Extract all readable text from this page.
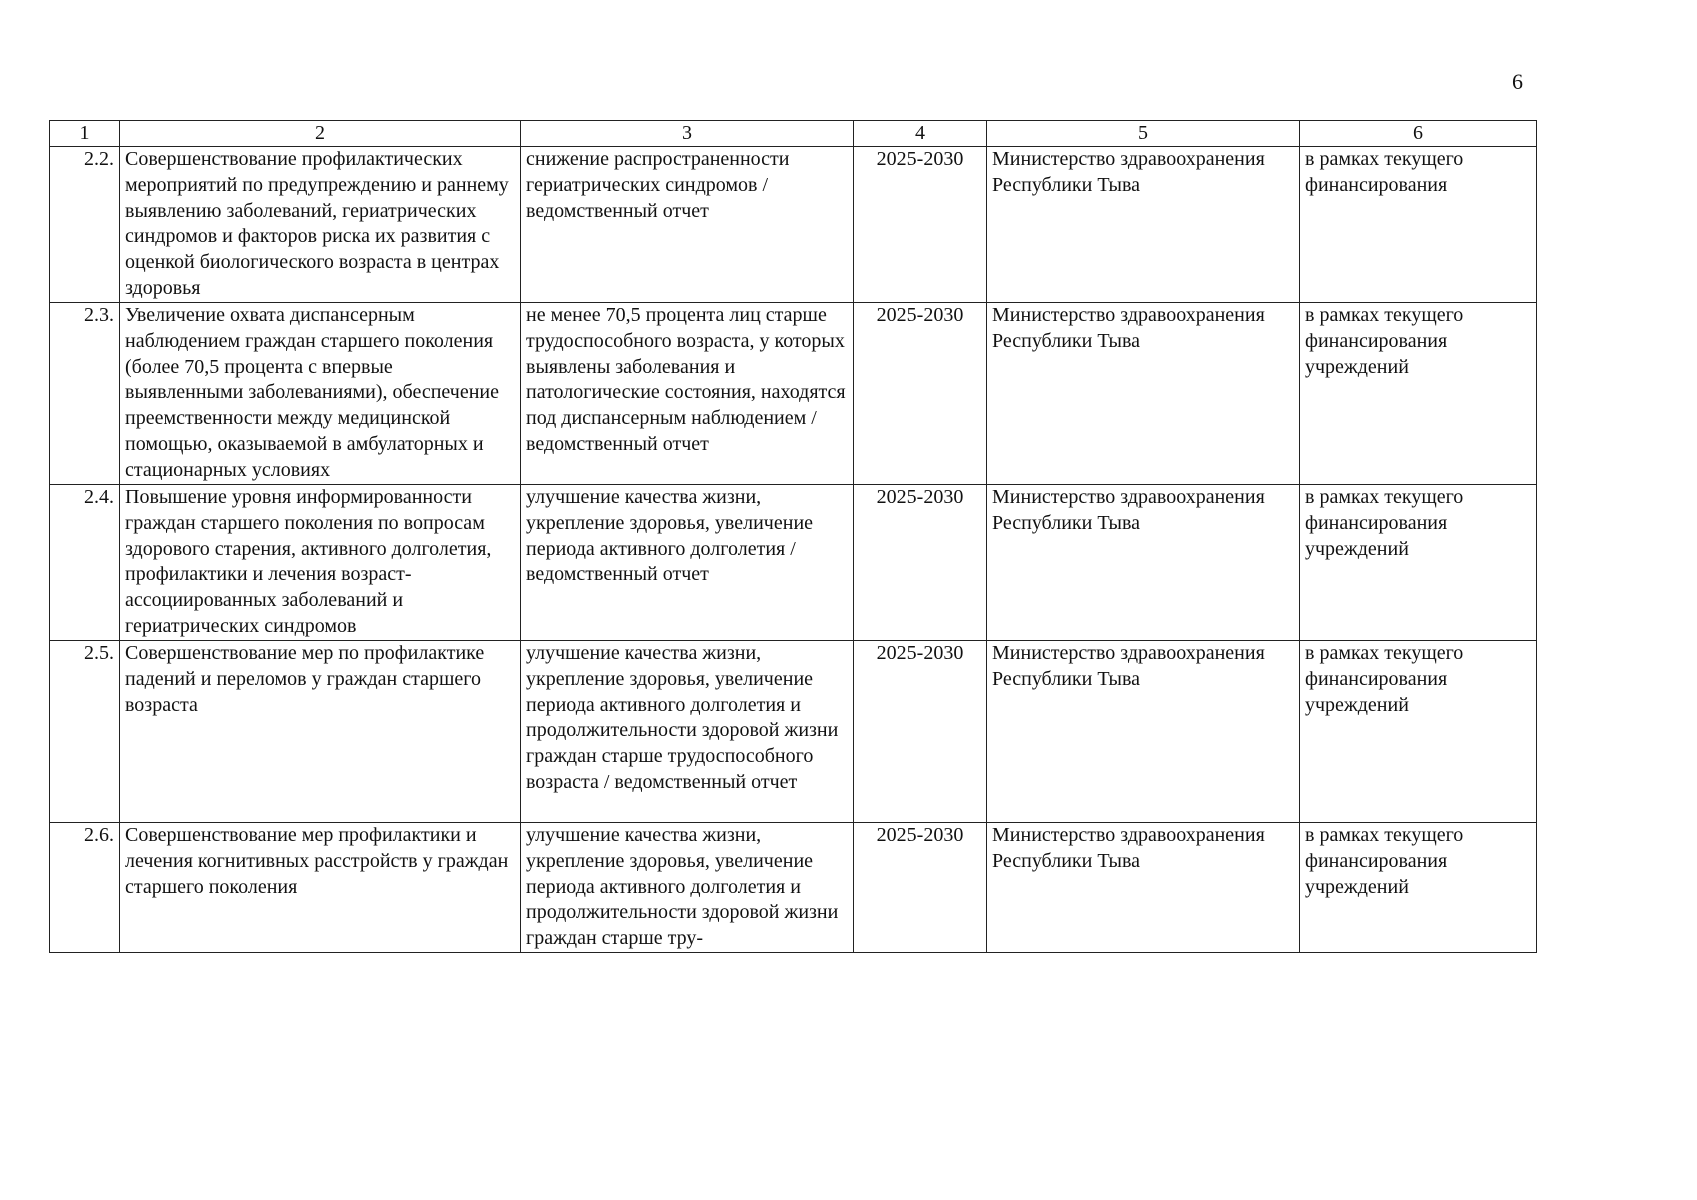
6
1	2	3	4	5	6
2.2.	Совершенствование профилактических мероприятий по предупреждению и раннему выявлению заболеваний, гериатрических синдромов и факторов риска их развития с оценкой биологического возраста в центрах здоровья	снижение распространенности гериатрических синдромов / ведомственный отчет	2025-2030	Министерство здравоохранения Республики Тыва	в рамках текущего финансирования
2.3.	Увеличение охвата диспансерным наблюдением граждан старшего поколения (более 70,5 процента с впервые выявленными заболеваниями), обеспечение преемственности между медицинской помощью, оказываемой в амбулаторных и стационарных условиях	не менее 70,5 процента лиц старше трудоспособного возраста, у которых выявлены заболевания и патологические состояния, находятся под диспансерным наблюдением / ведомственный отчет	2025-2030	Министерство здравоохранения Республики Тыва	в рамках текущего финансирования учреждений
2.4.	Повышение уровня информированности граждан старшего поколения по вопросам здорового старения, активного долголетия, профилактики и лечения возраст-ассоциированных заболеваний и гериатрических синдромов	улучшение качества жизни, укрепление здоровья, увеличение периода активного долголетия / ведомственный отчет	2025-2030	Министерство здравоохранения Республики Тыва	в рамках текущего финансирования учреждений
2.5.	Совершенствование мер по профилактике падений и переломов у граждан старшего возраста	улучшение качества жизни, укрепление здоровья, увеличение периода активного долголетия и продолжительности здоровой жизни граждан старше трудоспособного возраста / ведомственный отчет	2025-2030	Министерство здравоохранения Республики Тыва	в рамках текущего финансирования учреждений
2.6.	Совершенствование мер профилактики и лечения когнитивных расстройств у граждан старшего поколения	улучшение качества жизни, укрепление здоровья, увеличение периода активного долголетия и продолжительности здоровой жизни граждан старше тру-	2025-2030	Министерство здравоохранения Республики Тыва	в рамках текущего финансирования учреждений
